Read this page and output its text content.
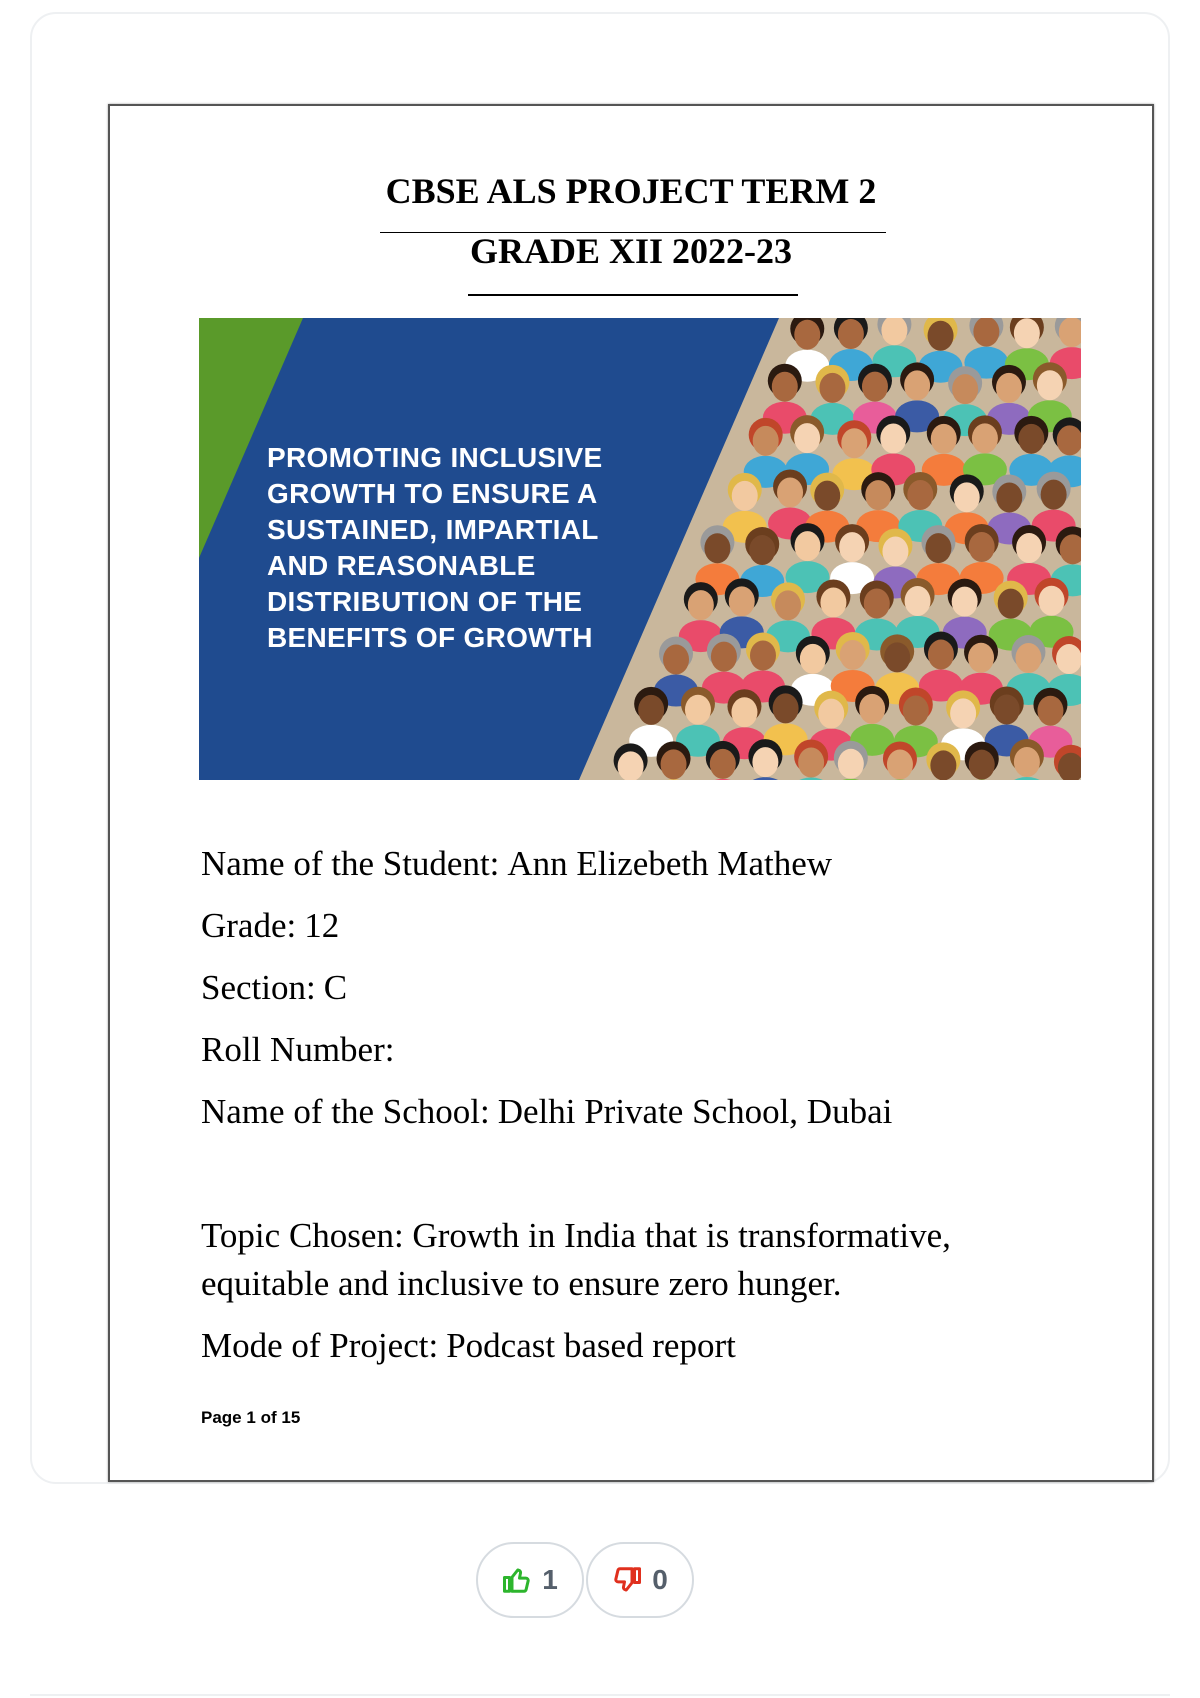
CBSE ALS PROJECT TERM 2
GRADE XII 2022-23
PROMOTING INCLUSIVE
GROWTH TO ENSURE A
SUSTAINED, IMPARTIAL
AND REASONABLE
DISTRIBUTION OF THE
BENEFITS OF GROWTH
Name of the Student: Ann Elizebeth Mathew
Grade: 12
Section: C
Roll Number:
Name of the School: Delhi Private School, Dubai
Topic Chosen: Growth in India that is transformative, equitable and inclusive to ensure zero hunger.
Mode of Project: Podcast based report
Page 1 of 15
1	0
